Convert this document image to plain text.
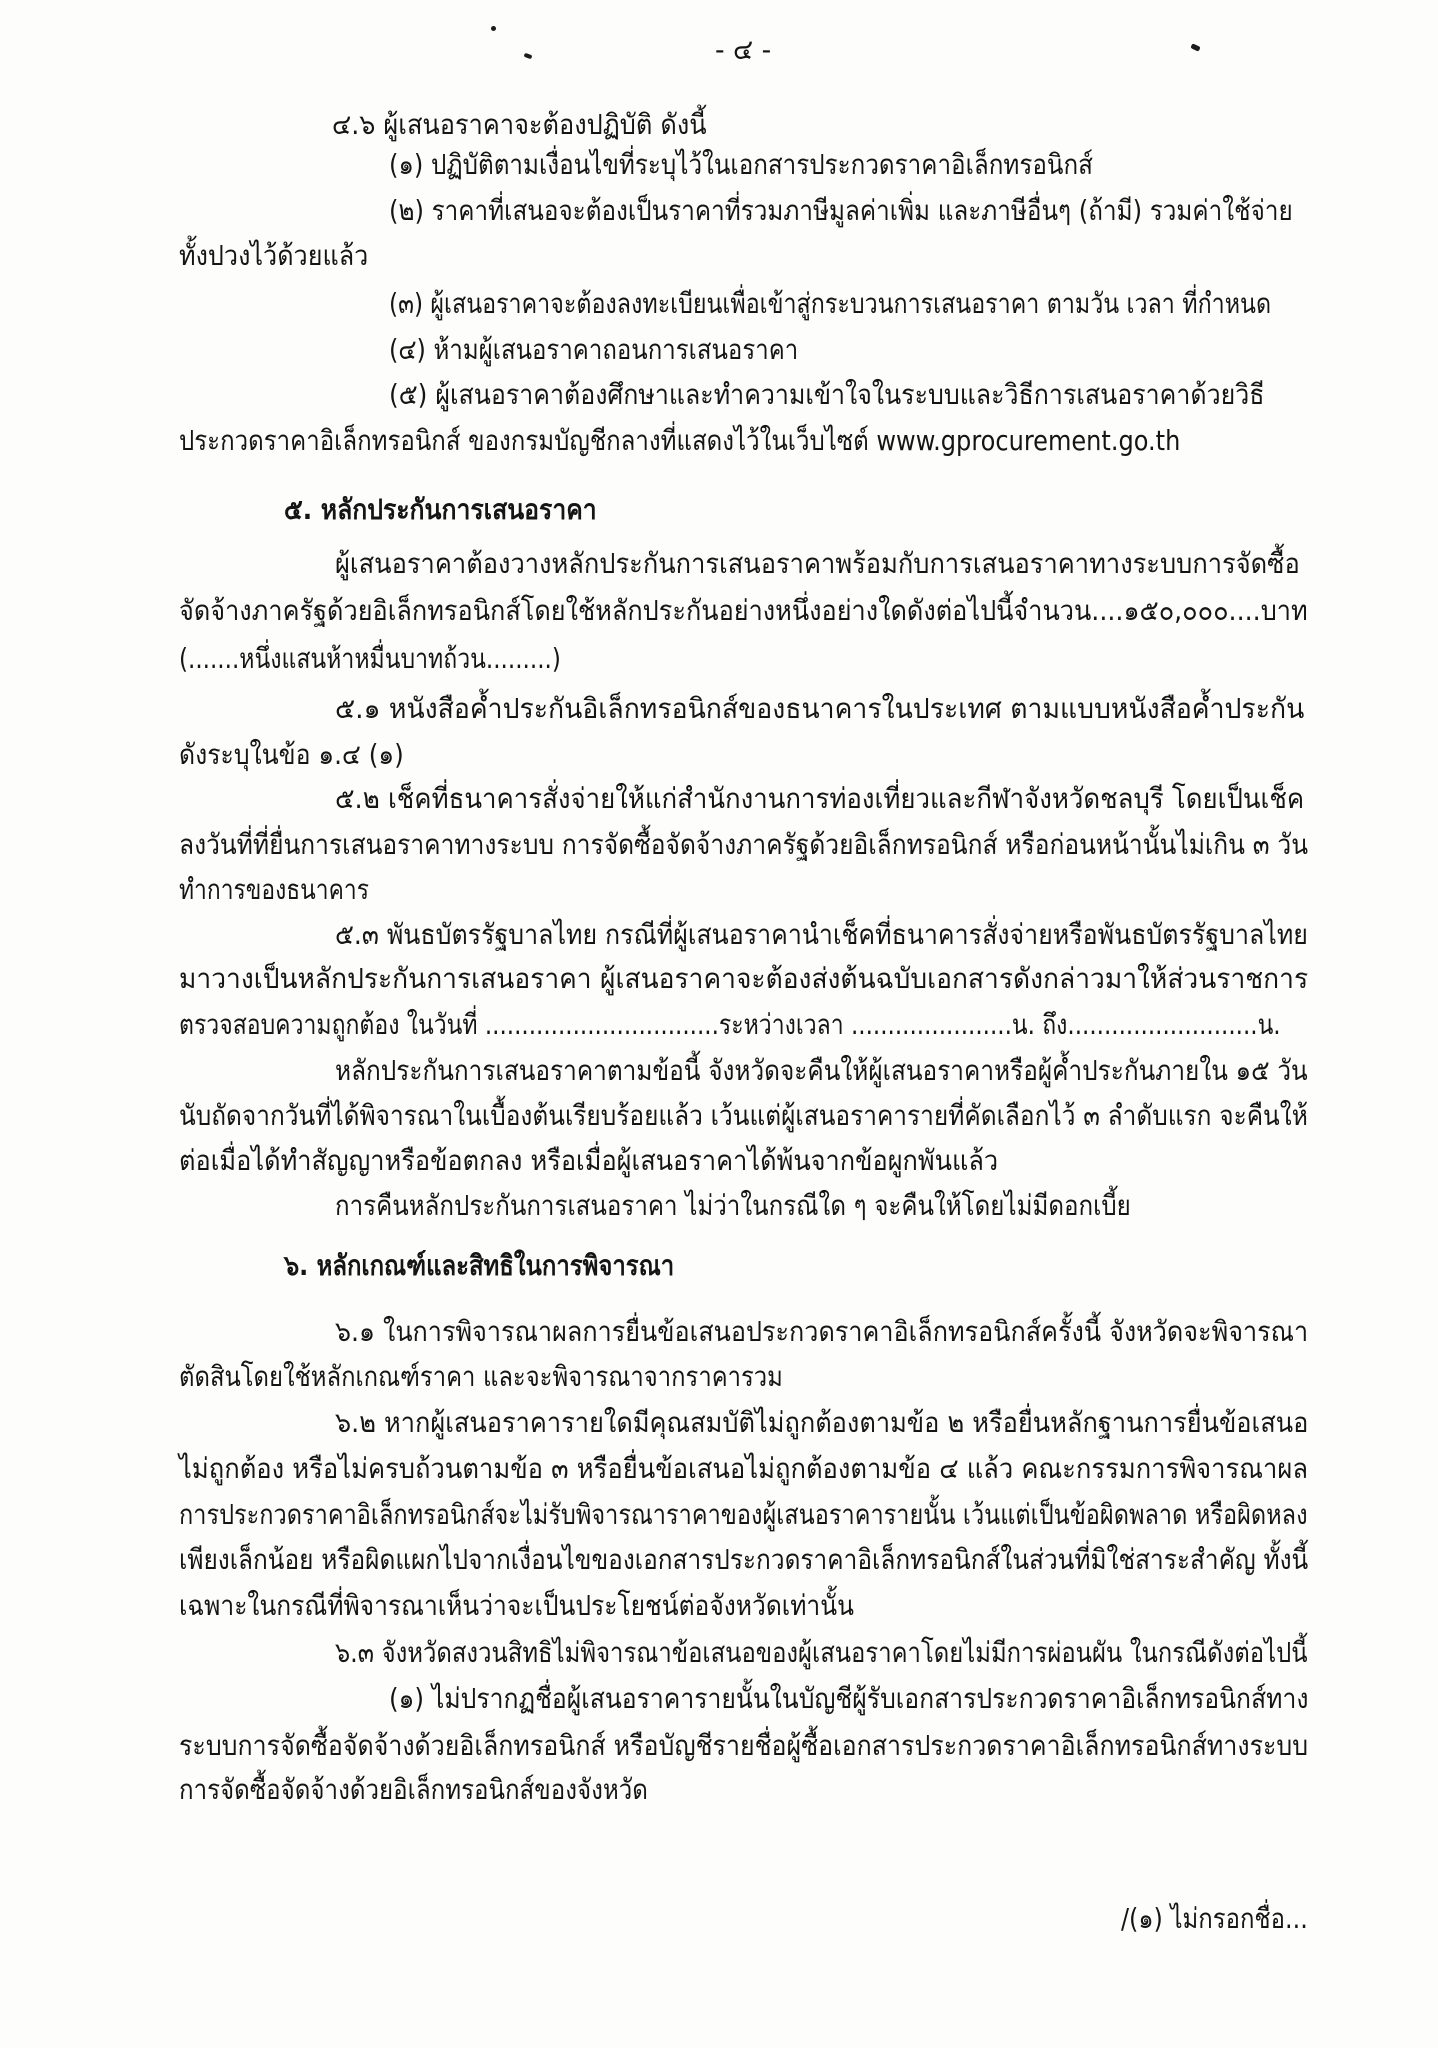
- ๔ -
๔.๖ ผู้เสนอราคาจะต้องปฏิบัติ ดังนี้
(๑) ปฏิบัติตามเงื่อนไขที่ระบุไว้ในเอกสารประกวดราคาอิเล็กทรอนิกส์
(๒) ราคาที่เสนอจะต้องเป็นราคาที่รวมภาษีมูลค่าเพิ่ม และภาษีอื่นๆ (ถ้ามี) รวมค่าใช้จ่าย
ทั้งปวงไว้ด้วยแล้ว
(๓) ผู้เสนอราคาจะต้องลงทะเบียนเพื่อเข้าสู่กระบวนการเสนอราคา ตามวัน เวลา ที่กำหนด
(๔) ห้ามผู้เสนอราคาถอนการเสนอราคา
(๕) ผู้เสนอราคาต้องศึกษาและทำความเข้าใจในระบบและวิธีการเสนอราคาด้วยวิธี
ประกวดราคาอิเล็กทรอนิกส์ ของกรมบัญชีกลางที่แสดงไว้ในเว็บไซต์ www.gprocurement.go.th
๕. หลักประกันการเสนอราคา
ผู้เสนอราคาต้องวางหลักประกันการเสนอราคาพร้อมกับการเสนอราคาทางระบบการจัดซื้อ
จัดจ้างภาครัฐด้วยอิเล็กทรอนิกส์โดยใช้หลักประกันอย่างหนึ่งอย่างใดดังต่อไปนี้จำนวน....๑๕๐,๐๐๐....บาท
(.......หนึ่งแสนห้าหมื่นบาทถ้วน.........)
๕.๑ หนังสือค้ำประกันอิเล็กทรอนิกส์ของธนาคารในประเทศ ตามแบบหนังสือค้ำประกัน
ดังระบุในข้อ ๑.๔ (๑)
๕.๒ เช็คที่ธนาคารสั่งจ่ายให้แก่สำนักงานการท่องเที่ยวและกีฬาจังหวัดชลบุรี โดยเป็นเช็ค
ลงวันที่ที่ยื่นการเสนอราคาทางระบบ การจัดซื้อจัดจ้างภาครัฐด้วยอิเล็กทรอนิกส์ หรือก่อนหน้านั้นไม่เกิน ๓ วัน
ทำการของธนาคาร
๕.๓ พันธบัตรรัฐบาลไทย กรณีที่ผู้เสนอราคานำเช็คที่ธนาคารสั่งจ่ายหรือพันธบัตรรัฐบาลไทย
มาวางเป็นหลักประกันการเสนอราคา ผู้เสนอราคาจะต้องส่งต้นฉบับเอกสารดังกล่าวมาให้ส่วนราชการ
ตรวจสอบความถูกต้อง ในวันที่ ................................ระหว่างเวลา ......................น. ถึง..........................น.
หลักประกันการเสนอราคาตามข้อนี้ จังหวัดจะคืนให้ผู้เสนอราคาหรือผู้ค้ำประกันภายใน ๑๕ วัน
นับถัดจากวันที่ได้พิจารณาในเบื้องต้นเรียบร้อยแล้ว เว้นแต่ผู้เสนอราคารายที่คัดเลือกไว้ ๓ ลำดับแรก จะคืนให้
ต่อเมื่อได้ทำสัญญาหรือข้อตกลง หรือเมื่อผู้เสนอราคาได้พ้นจากข้อผูกพันแล้ว
การคืนหลักประกันการเสนอราคา ไม่ว่าในกรณีใด ๆ จะคืนให้โดยไม่มีดอกเบี้ย
๖. หลักเกณฑ์และสิทธิในการพิจารณา
๖.๑ ในการพิจารณาผลการยื่นข้อเสนอประกวดราคาอิเล็กทรอนิกส์ครั้งนี้ จังหวัดจะพิจารณา
ตัดสินโดยใช้หลักเกณฑ์ราคา และจะพิจารณาจากราคารวม
๖.๒ หากผู้เสนอราคารายใดมีคุณสมบัติไม่ถูกต้องตามข้อ ๒ หรือยื่นหลักฐานการยื่นข้อเสนอ
ไม่ถูกต้อง หรือไม่ครบถ้วนตามข้อ ๓ หรือยื่นข้อเสนอไม่ถูกต้องตามข้อ ๔ แล้ว คณะกรรมการพิจารณาผล
การประกวดราคาอิเล็กทรอนิกส์จะไม่รับพิจารณาราคาของผู้เสนอราคารายนั้น เว้นแต่เป็นข้อผิดพลาด หรือผิดหลง
เพียงเล็กน้อย หรือผิดแผกไปจากเงื่อนไขของเอกสารประกวดราคาอิเล็กทรอนิกส์ในส่วนที่มิใช่สาระสำคัญ ทั้งนี้
เฉพาะในกรณีที่พิจารณาเห็นว่าจะเป็นประโยชน์ต่อจังหวัดเท่านั้น
๖.๓ จังหวัดสงวนสิทธิไม่พิจารณาข้อเสนอของผู้เสนอราคาโดยไม่มีการผ่อนผัน ในกรณีดังต่อไปนี้
(๑) ไม่ปรากฏชื่อผู้เสนอราคารายนั้นในบัญชีผู้รับเอกสารประกวดราคาอิเล็กทรอนิกส์ทาง
ระบบการจัดซื้อจัดจ้างด้วยอิเล็กทรอนิกส์ หรือบัญชีรายชื่อผู้ซื้อเอกสารประกวดราคาอิเล็กทรอนิกส์ทางระบบ
การจัดซื้อจัดจ้างด้วยอิเล็กทรอนิกส์ของจังหวัด
/(๑) ไม่กรอกชื่อ...
